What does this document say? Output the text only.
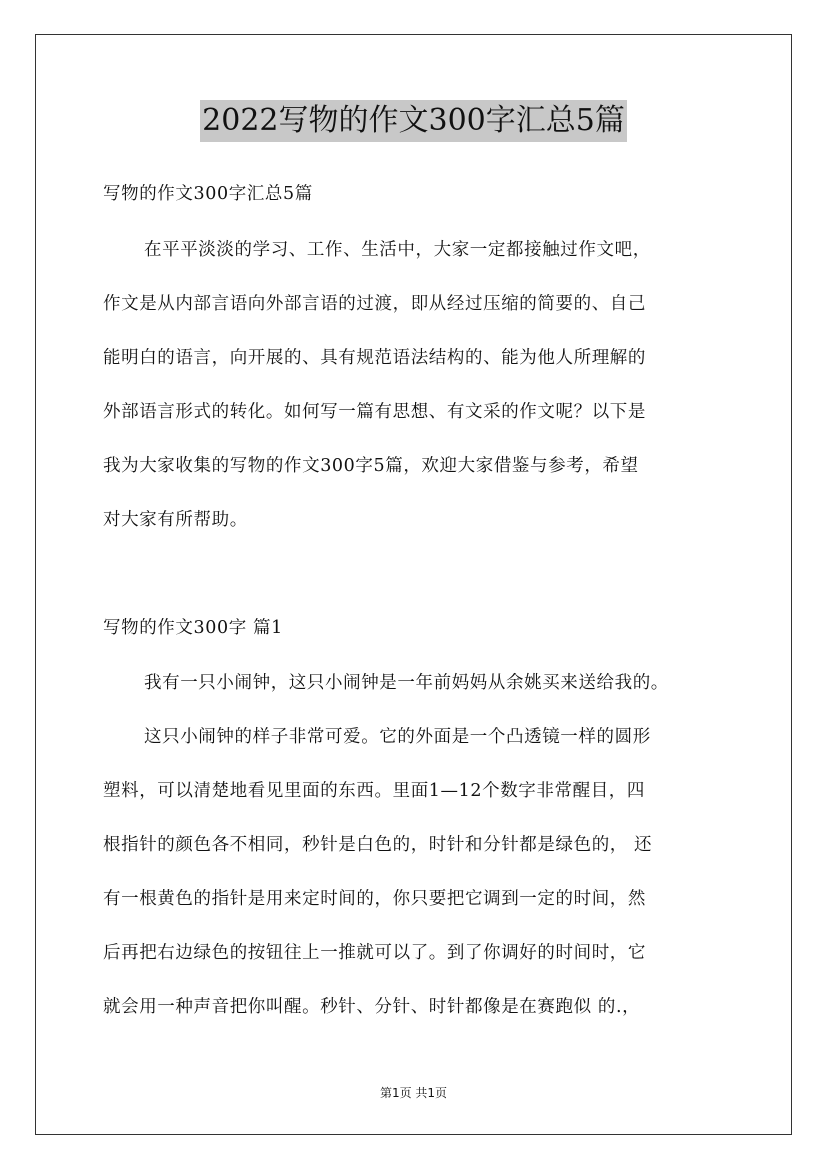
2022写物的作文300字汇总5篇
写物的作文300字汇总5篇
在平平淡淡的学习、工作、生活中，大家一定都接触过作文吧，
作文是从内部言语向外部言语的过渡，即从经过压缩的简要的、自己
能明白的语言，向开展的、具有规范语法结构的、能为他人所理解的
外部语言形式的转化。如何写一篇有思想、有文采的作文呢？以下是
我为大家收集的写物的作文300字5篇，欢迎大家借鉴与参考，希望
对大家有所帮助。
写物的作文300字 篇1
我有一只小闹钟，这只小闹钟是一年前妈妈从余姚买来送给我的。
这只小闹钟的样子非常可爱。它的外面是一个凸透镜一样的圆形
塑料，可以清楚地看见里面的东西。里面1—12个数字非常醒目，四
根指针的颜色各不相同，秒针是白色的，时针和分针都是绿色的， 还
有一根黄色的指针是用来定时间的，你只要把它调到一定的时间，然
后再把右边绿色的按钮往上一推就可以了。到了你调好的时间时，它
就会用一种声音把你叫醒。秒针、分针、时针都像是在赛跑似 的.，
第1页 共1页
